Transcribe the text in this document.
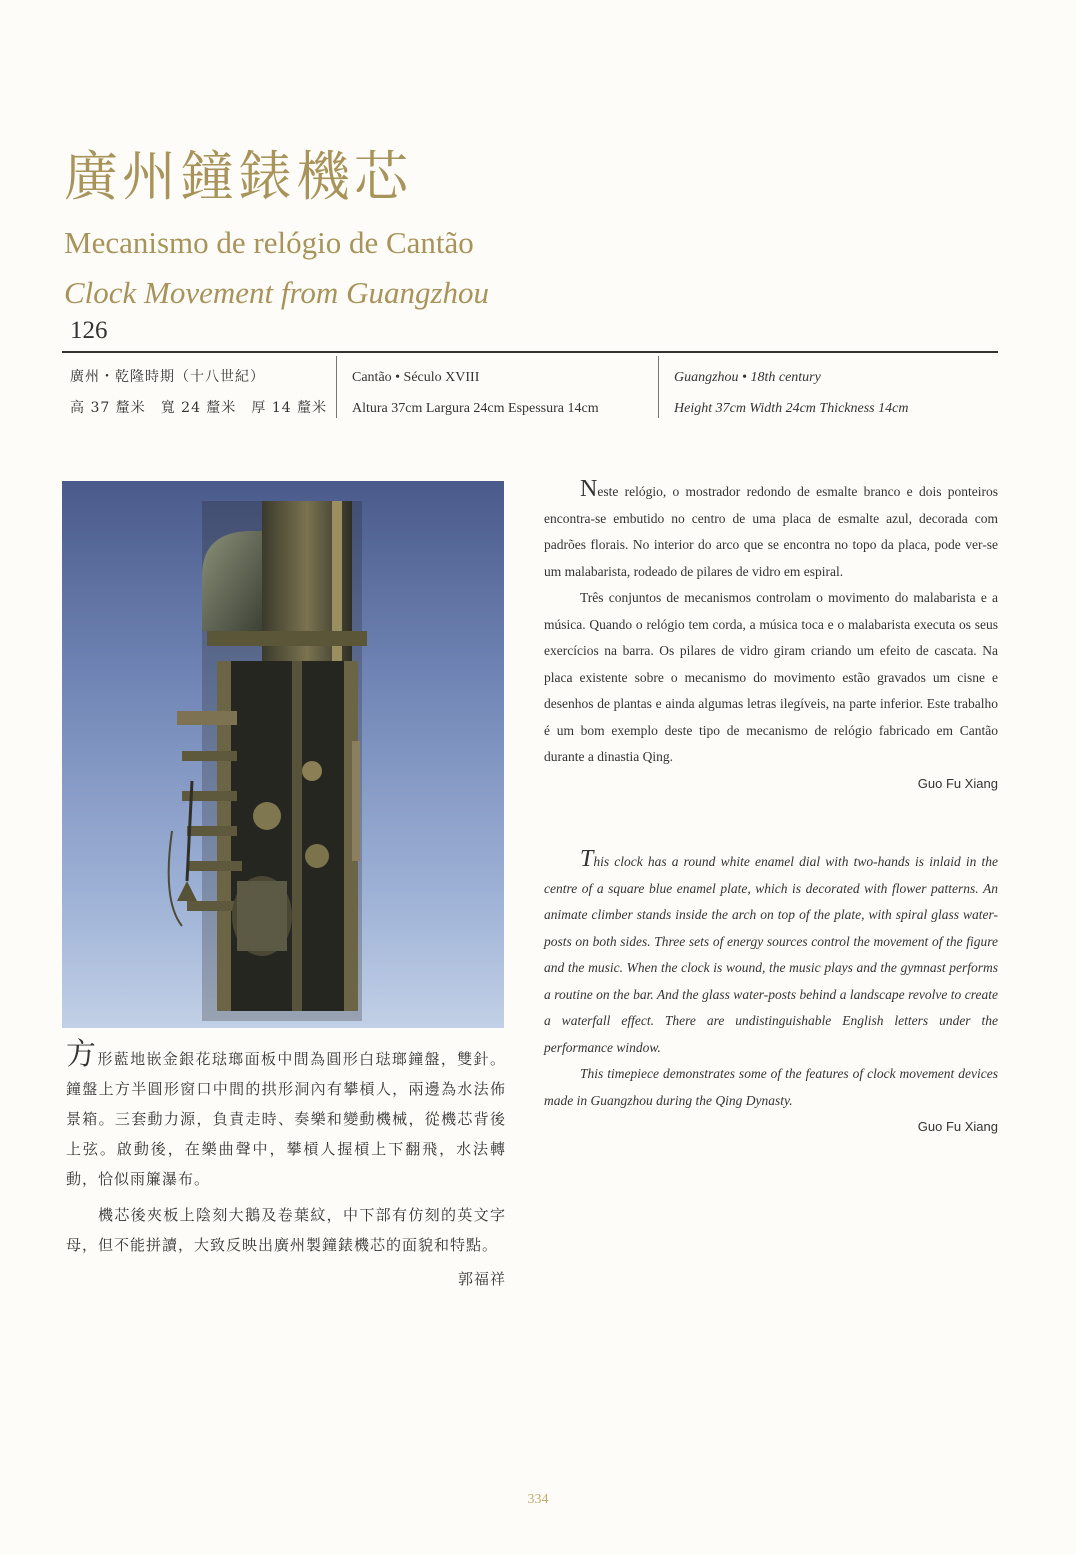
廣州鐘錶機芯
Mecanismo de relógio de Cantão
Clock Movement from Guangzhou
126
廣州・乾隆時期（十八世紀）
高 37 釐米　寬 24 釐米　厚 14 釐米
Cantão • Século XVIII
Altura 37cm Largura 24cm Espessura 14cm
Guangzhou • 18th century
Height 37cm Width 24cm Thickness 14cm

方形藍地嵌金銀花琺瑯面板中間為圓形白琺瑯鐘盤，雙針。鐘盤上方半圓形窗口中間的拱形洞內有攀槓人，兩邊為水法佈景箱。三套動力源，負責走時、奏樂和變動機械，從機芯背後上弦。啟動後，在樂曲聲中，攀槓人握槓上下翻飛，水法轉動，恰似雨簾瀑布。

機芯後夾板上陰刻大鵝及卷葉紋，中下部有仿刻的英文字母，但不能拼讀，大致反映出廣州製鐘錶機芯的面貌和特點。

郭福祥

Neste relógio, o mostrador redondo de esmalte branco e dois ponteiros encontra-se embutido no centro de uma placa de esmalte azul, decorada com padrões florais. No interior do arco que se encontra no topo da placa, pode ver-se um malabarista, rodeado de pilares de vidro em espiral.

Três conjuntos de mecanismos controlam o movimento do malabarista e a música. Quando o relógio tem corda, a música toca e o malabarista executa os seus exercícios na barra. Os pilares de vidro giram criando um efeito de cascata. Na placa existente sobre o mecanismo do movimento estão gravados um cisne e desenhos de plantas e ainda algumas letras ilegíveis, na parte inferior. Este trabalho é um bom exemplo deste tipo de mecanismo de relógio fabricado em Cantão durante a dinastia Qing.

Guo Fu Xiang

This clock has a round white enamel dial with two-hands is inlaid in the centre of a square blue enamel plate, which is decorated with flower patterns. An animate climber stands inside the arch on top of the plate, with spiral glass water-posts on both sides. Three sets of energy sources control the movement of the figure and the music. When the clock is wound, the music plays and the gymnast performs a routine on the bar. And the glass water-posts behind a landscape revolve to create a waterfall effect. There are undistinguishable English letters under the performance window.

This timepiece demonstrates some of the features of clock movement devices made in Guangzhou during the Qing Dynasty.

Guo Fu Xiang
334
